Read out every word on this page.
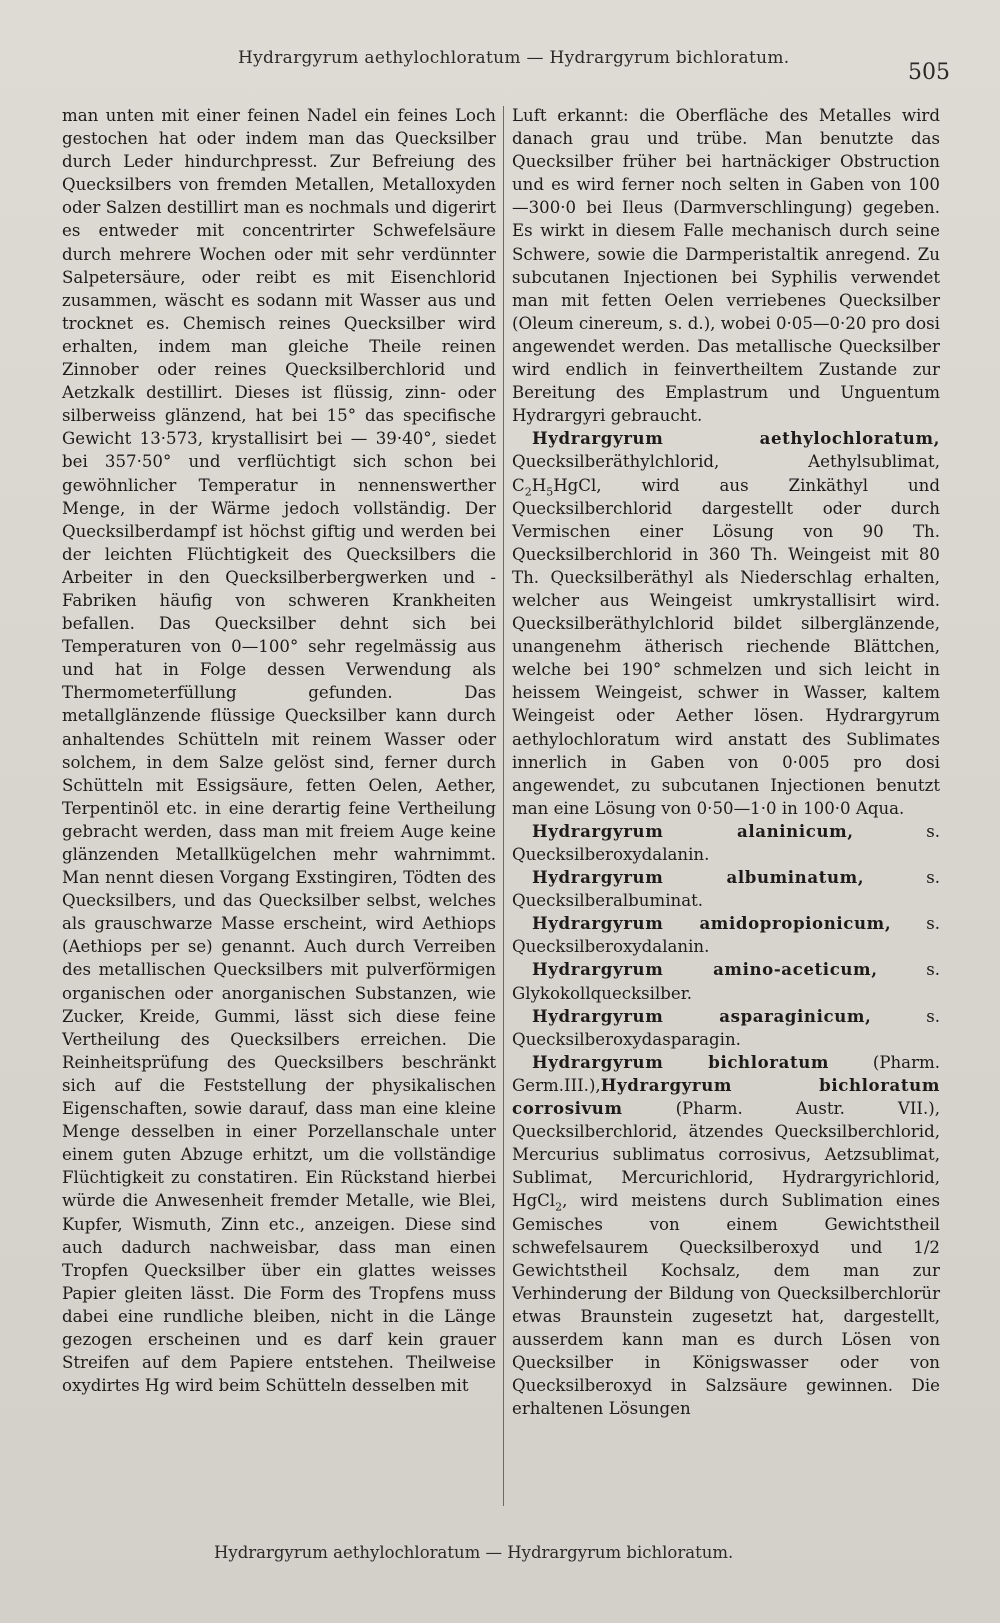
Hydrargyrum aethylochloratum — Hydrargyrum bichloratum.
505

man unten mit einer feinen Nadel ein feines Loch gestochen hat oder indem man das Quecksilber durch Leder hindurchpresst. Zur Befreiung des Quecksilbers von fremden Metallen, Metalloxyden oder Salzen destillirt man es nochmals und digerirt es entweder mit concentrirter Schwefelsäure durch mehrere Wochen oder mit sehr verdünnter Salpetersäure, oder reibt es mit Eisenchlorid zusammen, wäscht es sodann mit Wasser aus und trocknet es. Chemisch reines Quecksilber wird erhalten, indem man gleiche Theile reinen Zinnober oder reines Quecksilberchlorid und Aetzkalk destillirt. Dieses ist flüssig, zinn- oder silberweiss glänzend, hat bei 15° das specifische Gewicht 13·573, krystallisirt bei — 39·40°, siedet bei 357·50° und verflüchtigt sich schon bei gewöhnlicher Temperatur in nennenswerther Menge, in der Wärme jedoch vollständig. Der Quecksilberdampf ist höchst giftig und werden bei der leichten Flüchtigkeit des Quecksilbers die Arbeiter in den Quecksilberbergwerken und -Fabriken häufig von schweren Krankheiten befallen. Das Quecksilber dehnt sich bei Temperaturen von 0—100° sehr regelmässig aus und hat in Folge dessen Verwendung als Thermometerfüllung gefunden. Das metallglänzende flüssige Quecksilber kann durch anhaltendes Schütteln mit reinem Wasser oder solchem, in dem Salze gelöst sind, ferner durch Schütteln mit Essigsäure, fetten Oelen, Aether, Terpentinöl etc. in eine derartig feine Vertheilung gebracht werden, dass man mit freiem Auge keine glänzenden Metallkügelchen mehr wahrnimmt. Man nennt diesen Vorgang Exstingiren, Tödten des Quecksilbers, und das Quecksilber selbst, welches als grauschwarze Masse erscheint, wird Aethiops (Aethiops per se) genannt. Auch durch Verreiben des metallischen Quecksilbers mit pulverförmigen organischen oder anorganischen Substanzen, wie Zucker, Kreide, Gummi, lässt sich diese feine Vertheilung des Quecksilbers erreichen. Die Reinheitsprüfung des Quecksilbers beschränkt sich auf die Feststellung der physikalischen Eigenschaften, sowie darauf, dass man eine kleine Menge desselben in einer Porzellanschale unter einem guten Abzuge erhitzt, um die vollständige Flüchtigkeit zu constatiren. Ein Rückstand hierbei würde die Anwesenheit fremder Metalle, wie Blei, Kupfer, Wismuth, Zinn etc., anzeigen. Diese sind auch dadurch nachweisbar, dass man einen Tropfen Quecksilber über ein glattes weisses Papier gleiten lässt. Die Form des Tropfens muss dabei eine rundliche bleiben, nicht in die Länge gezogen erscheinen und es darf kein grauer Streifen auf dem Papiere entstehen. Theilweise oxydirtes Hg wird beim Schütteln desselben mit

Luft erkannt: die Oberfläche des Metalles wird danach grau und trübe. Man benutzte das Quecksilber früher bei hartnäckiger Obstruction und es wird ferner noch selten in Gaben von 100—300·0 bei Ileus (Darmverschlingung) gegeben. Es wirkt in diesem Falle mechanisch durch seine Schwere, sowie die Darmperistaltik anregend. Zu subcutanen Injectionen bei Syphilis verwendet man mit fetten Oelen verriebenes Quecksilber (Oleum cinereum, s. d.), wobei 0·05—0·20 pro dosi angewendet werden. Das metallische Quecksilber wird endlich in feinvertheiltem Zustande zur Bereitung des Emplastrum und Unguentum Hydrargyri gebraucht.

Hydrargyrum aethylochloratum, Quecksilberäthylchlorid, Aethylsublimat, $C_2H_5HgCl$, wird aus Zinkäthyl und Quecksilberchlorid dargestellt oder durch Vermischen einer Lösung von 90 Th. Quecksilberchlorid in 360 Th. Weingeist mit 80 Th. Quecksilberäthyl als Niederschlag erhalten, welcher aus Weingeist umkrystallisirt wird. Quecksilberäthylchlorid bildet silberglänzende, unangenehm ätherisch riechende Blättchen, welche bei 190° schmelzen und sich leicht in heissem Weingeist, schwer in Wasser, kaltem Weingeist oder Aether lösen. Hydrargyrum aethylochloratum wird anstatt des Sublimates innerlich in Gaben von 0·005 pro dosi angewendet, zu subcutanen Injectionen benutzt man eine Lösung von 0·50—1·0 in 100·0 Aqua.

Hydrargyrum alaninicum, s. Quecksilberoxydalanin.

Hydrargyrum albuminatum, s. Quecksilberalbuminat.

Hydrargyrum amidopropionicum, s. Quecksilberoxydalanin.

Hydrargyrum amino-aceticum, s. Glykokollquecksilber.

Hydrargyrum asparaginicum, s. Quecksilberoxydasparagin.

Hydrargyrum bichloratum (Pharm. Germ.III.),Hydrargyrum bichloratum corrosivum (Pharm. Austr. VII.), Quecksilberchlorid, ätzendes Quecksilberchlorid, Mercurius sublimatus corrosivus, Aetzsublimat, Sublimat, Mercurichlorid, Hydrargyrichlorid, HgCl$_2$, wird meistens durch Sublimation eines Gemisches von einem Gewichtstheil schwefelsaurem Quecksilberoxyd und 1/2 Gewichtstheil Kochsalz, dem man zur Verhinderung der Bildung von Quecksilberchlorür etwas Braunstein zugesetzt hat, dargestellt, ausserdem kann man es durch Lösen von Quecksilber in Königswasser oder von Quecksilberoxyd in Salzsäure gewinnen. Die erhaltenen Lösungen

Hydrargyrum aethylochloratum — Hydrargyrum bichloratum.
